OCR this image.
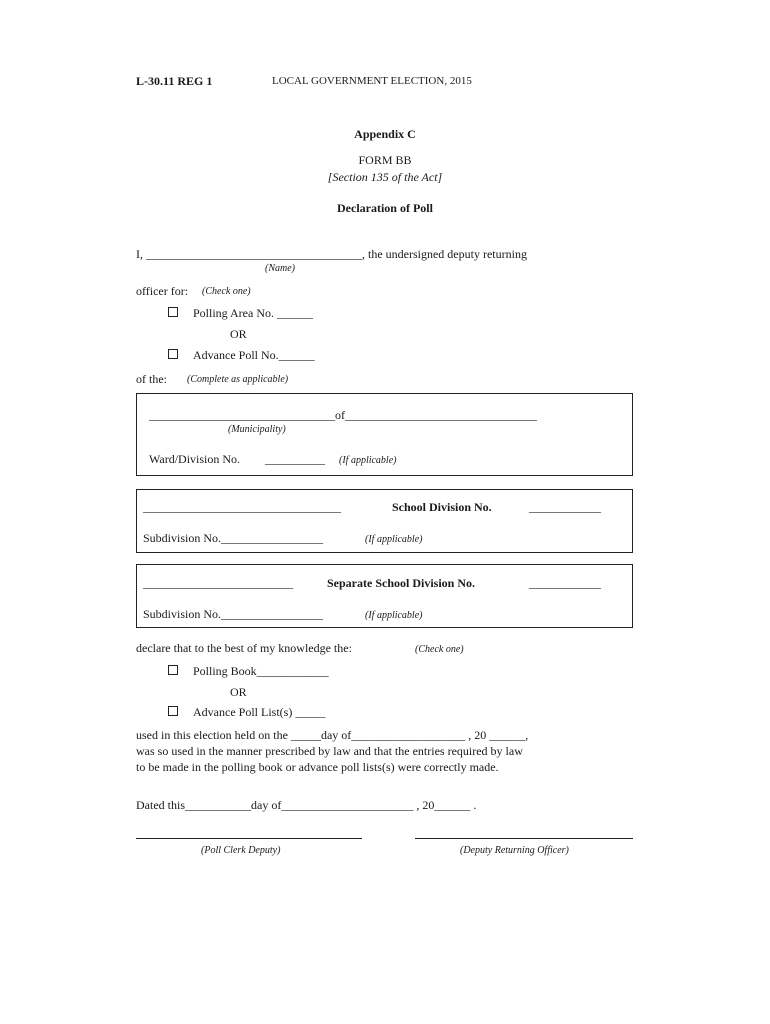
L-30.11 REG 1	LOCAL GOVERNMENT ELECTION, 2015
Appendix C
FORM BB
[Section 135 of the Act]
Declaration of Poll
I, ____________________________________, the undersigned deputy returning
(Name)
officer for: (Check one)
Polling Area No. ______
OR
Advance Poll No.______
of the: (Complete as applicable)
_______________________________of________________________________
(Municipality)
Ward/Division No. __________ (If applicable)
_________________________________	School Division No.	____________
Subdivision No._________________	(If applicable)
_________________________	Separate School Division No.	____________
Subdivision No._________________	(If applicable)
declare that to the best of my knowledge the:	(Check one)
Polling Book____________
OR
Advance Poll List(s) _____
used in this election held on the _____day of___________________ , 20 ______,
was so used in the manner prescribed by law and that the entries required by law
to be made in the polling book or advance poll lists(s) were correctly made.
Dated this___________day of______________________ , 20______ .
(Poll Clerk Deputy)	(Deputy Returning Officer)
